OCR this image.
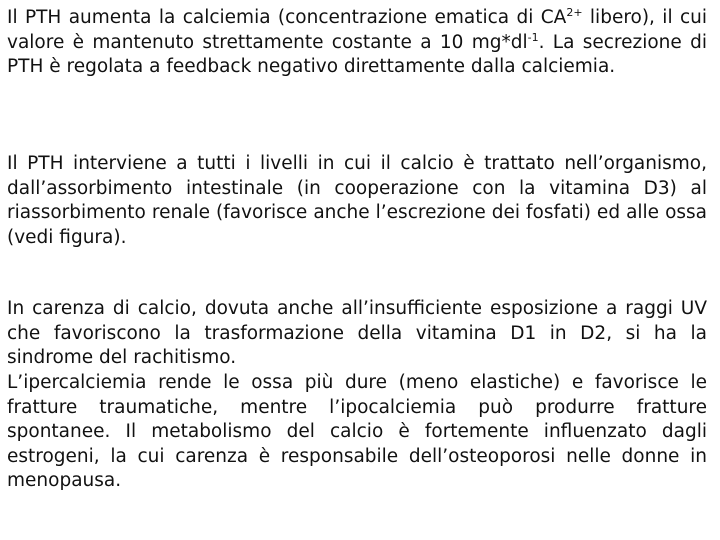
Il PTH aumenta la calciemia (concentrazione ematica di $CA^{2+}$ libero), il cui valore è mantenuto strettamente costante a 10 $mg*dl^{-1}$. La secrezione di PTH è regolata a feedback negativo direttamente dalla calciemia.

Il PTH interviene a tutti i livelli in cui il calcio è trattato nell’organismo, dall’assorbimento intestinale (in cooperazione con la vitamina D3) al riassorbimento renale (favorisce anche l’escrezione dei fosfati) ed alle ossa (vedi figura).

In carenza di calcio, dovuta anche all’insufficiente esposizione a raggi UV che favoriscono la trasformazione della vitamina D1 in D2, si ha la sindrome del rachitismo.

L’ipercalciemia rende le ossa più dure (meno elastiche) e favorisce le fratture traumatiche, mentre l’ipocalciemia può produrre fratture spontanee. Il metabolismo del calcio è fortemente influenzato dagli estrogeni, la cui carenza è responsabile dell’osteoporosi nelle donne in menopausa.
